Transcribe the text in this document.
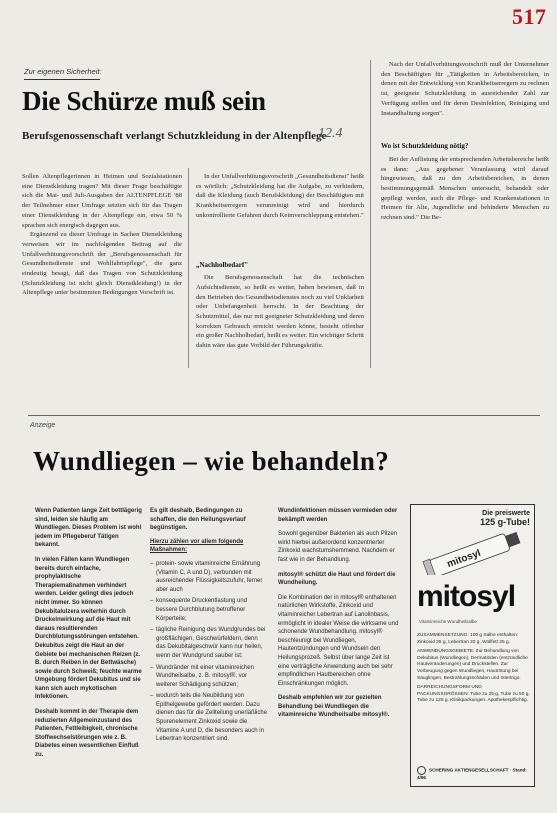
517
Zur eigenen Sicherheit:
Die Schürze muß sein
Berufsgenossenschaft verlangt Schutzkleidung in der Altenpflege
12.4
Sollen Altenpflegerinnen in Heimen und Sozialstationen eine Dienstkleidung tragen? Mit dieser Frage beschäftigte sich die Mai- und Juli-Ausgaben der ALTENPFLEGE '88 der Teilnehmer einer Umfrage setzten sich für das Tragen einer Dienstkleidung in der Altenpflege ein, etwa 50 % sprachen sich energisch dagegen aus.
Ergänzend zu dieser Umfrage in Sachen Dienstkleidung verweisen wir im nachfolgenden Beitrag auf die Unfallverhütungsvorschrift der „Berufsgenossenschaft für Gesundheitsdienste und Wohlfahrtspflege", die ganz eindeutig besagt, daß das Tragen von Schutzkleidung (Schutzkleidung ist nicht gleich Dienstkleidung!) in der Altenpflege unter bestimmten Bedingungen Vorschrift ist.
In der Unfallverhütungsvorschrift „Gesundheitsdienst" heißt es wörtlich: „Schutzkleidung hat die Aufgabe, zu verhindern, daß die Kleidung (auch Berufskleidung) der Beschäftigten mit Krankheitserregern verunreinigt wird und hierdurch unkontrollierte Gefahren durch Keimverschleppung entstehen."
„Nachholbedarf"
Die Berufsgenossenschaft hat die technischen Aufsichtsdienste, so heißt es weiter, haben bewiesen, daß in den Betrieben des Gesundheitsdienstes noch zu viel Unklarheit oder Unbefangenheit herrscht. In der Beachtung der Schutzmittel, das nur mit geeigneter Schutzkleidung und deren korrekten Gebrauch erreicht werden könne, besteht offenbar ein großer Nachholbedarf, heißt es weiter. Ein wichtiger Schritt dahin wäre das gute Vorbild der Führungskräfte.
Nach der Unfallverhütungsvorschrift muß der Unternehmer den Beschäftigten für „Tätigkeiten in Arbeitsbereichen, in denen mit der Entwicklung von Krankheitserregern zu rechnen ist, geeignete Schutzkleidung in ausreichender Zahl zur Verfügung stellen und für deren Desinfektion, Reinigung und Instandhaltung sorgen".
Wo ist Schutzkleidung nötig?
Bei der Auflistung der entsprechenden Arbeitsbereiche heißt es dann: „Aus gegebener Veranlassung wird darauf hingewiesen, daß zu den Arbeitsbereichen, in denen bestimmungsgemäß Menschen untersucht, behandelt oder gepflegt werden, auch die Pflege- und Krankenstationen in Heimen für Alte, Jugendliche und behinderte Menschen zu rechnen sind." Die Be-
Anzeige
Wundliegen – wie behandeln?
Wenn Patienten lange Zeit bettlägerig sind, leiden sie häufig am Wundliegen. Dieses Problem ist wohl jedem im Pflegeberuf Tätigen bekannt.
In vielen Fällen kann Wundliegen bereits durch einfache, prophylaktische Therapiemaßnahmen verhindert werden. Leider gelingt dies jedoch nicht immer. So können Dekubitalulzera weiterhin durch Druckeinwirkung auf die Haut mit daraus resultierenden Durchblutungsstörungen entstehen. Dekubitus zeigt die Haut an der Gebiete bei mechanischen Reizen (z. B. durch Reiben in der Bettwäsche) sowie durch Schweiß; feuchte warme Umgebung fördert Dekubitus und sie kann sich auch mykotischen Infektionen.
Deshalb kommt in der Therapie dem reduzierten Allgemeinzustand des Patienten, Fettleibigkeit, chronische Stoffwechselstörungen wie z. B. Diabetes einen wesentlichen Einfluß zu.
Es gilt deshalb, Bedingungen zu schaffen, die den Heilungsverlauf begünstigen.
Hierzu zählen vor allem folgende Maßnahmen:
– protein- sowie vitaminreiche Ernährung (Vitamin C, A und D), verbunden mit ausreichender Flüssigkeitszufuhr, ferner aber auch
– konsequente Druckentlastung und bessere Durchblutung betroffener Körperteile;
– tägliche Reinigung des Wundgrundes bei großflächigen, Geschwürfeldern, denn das Dekubitalgeschwür kann nur heilen, wenn der Wundgrund sauber ist;
– Wundränder mit einer vitaminreichen Wundheilsalbe, z. B. mitosyl®, vor weiterer Schädigung schützen;
– wodurch teils die Neubildung von Epithelgewebe gefördert werden. Dazu dienen das für die Zellteilung unerläßliche Spurenelement Zinkoxid sowie die Vitamine A und D, die besonders auch in Lebertran konzentriert sind.
Wundinfektionen müssen vermieden oder bekämpft werden
Sowohl gegenüber Bakterien als auch Pilzen wirkt hierbei außerordend konzentrierter Zinkoxid wachstumshemmend. Nachdem er fast wie in der Behandlung.
mitosyl® schützt die Haut und fördert die Wundheilung.
Die Kombination der in mitosyl® enthaltenen natürlichen Wirkstoffe, Zinkoxid und vitaminreicher Lebertran auf Lanolinbasis, ermöglicht in idealer Weise die wirksame und schonende Wundbehandlung. mitosyl® beschleunigt bei Wundliegen, Hautentzündungen und Wundsein den Heilungsprozeß. Selbst über lange Zeit ist eine verträgliche Anwendung auch bei sehr empfindlichen Hautbereichen ohne Einschränkungen möglich.
Deshalb empfehlen wir zur gezielten Behandlung bei Wundliegen die vitaminreiche Wundheilsalbe mitosyl®.
Die preiswerte
125 g-Tube!
mitosyl
mitosyl
Vitaminreiche Wundheilsalbe
ZUSAMMENSETZUNG: 100 g Salbe enthalten: Zinkoxid 25 g, Lebertran 20 g, Wollfett 25 g.
ANWENDUNGSGEBIETE: Zur Behandlung von Dekubitus (Wundliegen), Dermatitiden (entzündliche Hautveränderungen) und Druckstellen. Zur Vorbeugung gegen Wundliegen, Hautrötung bei Säuglingen, Bestrahlungsschäden und Intertrigo.
DARREICHUNGSFORM UND PACKUNGSGRÖSSEN: Tube zu 25 g, Tube zu 50 g, Tube zu 125 g. Klinikpackungen. Apothekenpflichtig.
SCHERING AKTIENGESELLSCHAFT · Stand: 4/86
